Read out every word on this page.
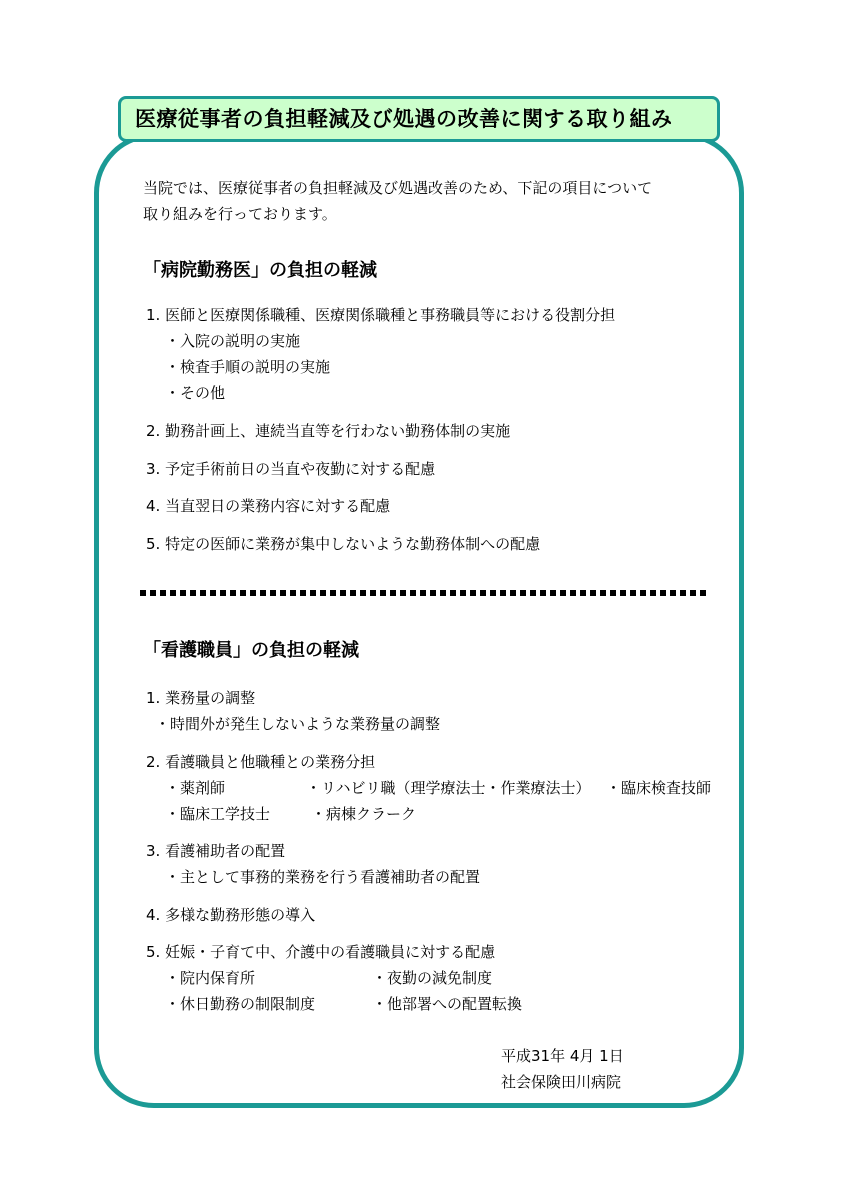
医療従事者の負担軽減及び処遇の改善に関する取り組み
当院では、医療従事者の負担軽減及び処遇改善のため、下記の項目について
取り組みを行っております。
「病院勤務医」の負担の軽減
1. 医師と医療関係職種、医療関係職種と事務職員等における役割分担
・入院の説明の実施
・検査手順の説明の実施
・その他
2. 勤務計画上、連続当直等を行わない勤務体制の実施
3. 予定手術前日の当直や夜勤に対する配慮
4. 当直翌日の業務内容に対する配慮
5. 特定の医師に業務が集中しないような勤務体制への配慮
「看護職員」の負担の軽減
1. 業務量の調整
・時間外が発生しないような業務量の調整
2. 看護職員と他職種との業務分担
・薬剤師	・リハビリ職（理学療法士・作業療法士） ・臨床検査技師
・臨床工学技士	・病棟クラーク
3. 看護補助者の配置
・主として事務的業務を行う看護補助者の配置
4. 多様な勤務形態の導入
5. 妊娠・子育て中、介護中の看護職員に対する配慮
・院内保育所	・夜勤の減免制度
・休日勤務の制限制度	・他部署への配置転換
平成31年 4月 1日
社会保険田川病院
